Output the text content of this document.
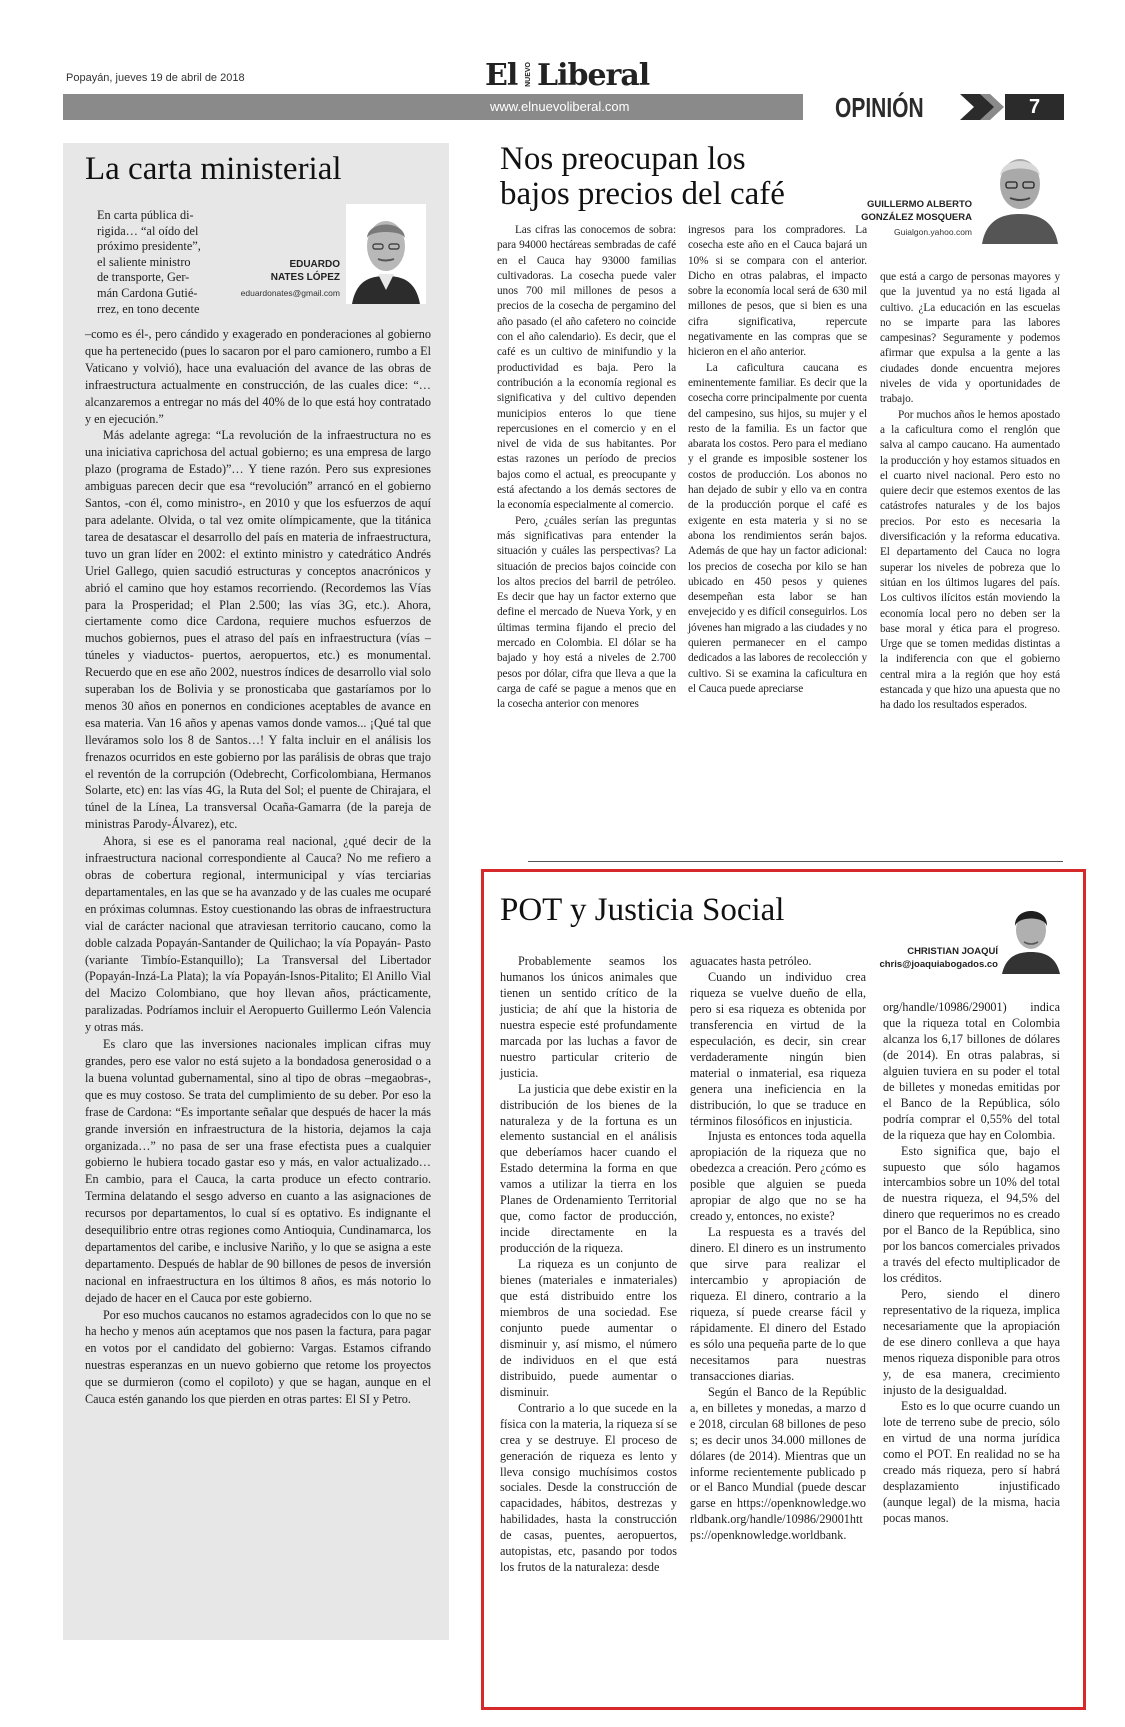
Popayán, jueves 19 de abril de 2018	El NUEVO Liberal
www.elnuevoliberal.com	OPINIÓN	7
La carta ministerial
En carta pública di-
rigida… “al oído del
próximo presidente”,
el saliente ministro
de transporte, Ger-
mán Cardona Gutié-
rrez, en tono decente
EDUARDO
NATES LÓPEZ
eduardonates@gmail.com

–como es él-, pero cándido y exagerado en ponderaciones al gobierno que ha pertenecido (pues lo sacaron por el paro camionero, rumbo a El Vaticano y volvió), hace una evaluación del avance de las obras de infraestructura actualmente en construcción, de las cuales dice: “… alcanzaremos a entregar no más del 40% de lo que está hoy contratado y en ejecución.”

Más adelante agrega: “La revolución de la infraestructura no es una iniciativa caprichosa del actual gobierno; es una empresa de largo plazo (programa de Estado)”… Y tiene razón. Pero sus expresiones ambiguas parecen decir que esa “revolución” arrancó en el gobierno Santos, -con él, como ministro-, en 2010 y que los esfuerzos de aquí para adelante. Olvida, o tal vez omite olímpicamente, que la titánica tarea de desatascar el desarrollo del país en materia de infraestructura, tuvo un gran líder en 2002: el extinto ministro y catedrático Andrés Uriel Gallego, quien sacudió estructuras y conceptos anacrónicos y abrió el camino que hoy estamos recorriendo. (Recordemos las Vías para la Prosperidad; el Plan 2.500; las vías 3G, etc.). Ahora, ciertamente como dice Cardona, requiere muchos esfuerzos de muchos gobiernos, pues el atraso del país en infraestructura (vías –túneles y viaductos- puertos, aeropuertos, etc.) es monumental. Recuerdo que en ese año 2002, nuestros índices de desarrollo vial solo superaban los de Bolivia y se pronosticaba que gastaríamos por lo menos 30 años en ponernos en condiciones aceptables de avance en esa materia. Van 16 años y apenas vamos donde vamos... ¡Qué tal que lleváramos solo los 8 de Santos…! Y falta incluir en el análisis los frenazos ocurridos en este gobierno por las parálisis de obras que trajo el reventón de la corrupción (Odebrecht, Corficolombiana, Hermanos Solarte, etc) en: las vías 4G, la Ruta del Sol; el puente de Chirajara, el túnel de la Línea, La transversal Ocaña-Gamarra (de la pareja de ministras Parody-Álvarez), etc.

Ahora, si ese es el panorama real nacional, ¿qué decir de la infraestructura nacional correspondiente al Cauca? No me refiero a obras de cobertura regional, intermunicipal y vías terciarias departamentales, en las que se ha avanzado y de las cuales me ocuparé en próximas columnas. Estoy cuestionando las obras de infraestructura vial de carácter nacional que atraviesan territorio caucano, como la doble calzada Popayán-Santander de Quilichao; la vía Popayán- Pasto (variante Timbío-Estanquillo); La Transversal del Libertador (Popayán-Inzá-La Plata); la vía Popayán-Isnos-Pitalito; El Anillo Vial del Macizo Colombiano, que hoy llevan años, prácticamente, paralizadas. Podríamos incluir el Aeropuerto Guillermo León Valencia y otras más.

Es claro que las inversiones nacionales implican cifras muy grandes, pero ese valor no está sujeto a la bondadosa generosidad o a la buena voluntad gubernamental, sino al tipo de obras –megaobras-, que es muy costoso. Se trata del cumplimiento de su deber. Por eso la frase de Cardona: “Es importante señalar que después de hacer la más grande inversión en infraestructura de la historia, dejamos la caja organizada…” no pasa de ser una frase efectista pues a cualquier gobierno le hubiera tocado gastar eso y más, en valor actualizado… En cambio, para el Cauca, la carta produce un efecto contrario. Termina delatando el sesgo adverso en cuanto a las asignaciones de recursos por departamentos, lo cual sí es optativo. Es indignante el desequilibrio entre otras regiones como Antioquia, Cundinamarca, los departamentos del caribe, e inclusive Nariño, y lo que se asigna a este departamento. Después de hablar de 90 billones de pesos de inversión nacional en infraestructura en los últimos 8 años, es más notorio lo dejado de hacer en el Cauca por este gobierno.

Por eso muchos caucanos no estamos agradecidos con lo que no se ha hecho y menos aún aceptamos que nos pasen la factura, para pagar en votos por el candidato del gobierno: Vargas. Estamos cifrando nuestras esperanzas en un nuevo gobierno que retome los proyectos que se durmieron (como el copiloto) y que se hagan, aunque en el Cauca estén ganando los que pierden en otras partes: El SI y Petro.

Nos preocupan los
bajos precios del café	GUILLERMO ALBERTO
GONZÁLEZ MOSQUERA
Guialgon.yahoo.com

Las cifras las conocemos de sobra: para 94000 hectáreas sembradas de café en el Cauca hay 93000 familias cultivadoras. La cosecha puede valer unos 700 mil millones de pesos a precios de la cosecha de pergamino del año pasado (el año cafetero no coincide con el año calendario). Es decir, que el café es un cultivo de minifundio y la productividad es baja. Pero la contribución a la economía regional es significativa y del cultivo dependen municipios enteros lo que tiene repercusiones en el comercio y en el nivel de vida de sus habitantes. Por estas razones un período de precios bajos como el actual, es preocupante y está afectando a los demás sectores de la economía especialmente al comercio.

Pero, ¿cuáles serían las preguntas más significativas para entender la situación y cuáles las perspectivas? La situación de precios bajos coincide con los altos precios del barril de petróleo. Es decir que hay un factor externo que define el mercado de Nueva York, y en últimas termina fijando el precio del mercado en Colombia. El dólar se ha bajado y hoy está a niveles de 2.700 pesos por dólar, cifra que lleva a que la carga de café se pague a menos que en la cosecha anterior con menores

ingresos para los compradores. La cosecha este año en el Cauca bajará un 10% si se compara con el anterior. Dicho en otras palabras, el impacto sobre la economía local será de 630 mil millones de pesos, que si bien es una cifra significativa, repercute negativamente en las compras que se hicieron en el año anterior.

La caficultura caucana es eminentemente familiar. Es decir que la cosecha corre principalmente por cuenta del campesino, sus hijos, su mujer y el resto de la familia. Es un factor que abarata los costos. Pero para el mediano y el grande es imposible sostener los costos de producción. Los abonos no han dejado de subir y ello va en contra de la producción porque el café es exigente en esta materia y si no se abona los rendimientos serán bajos. Además de que hay un factor adicional: los precios de cosecha por kilo se han ubicado en 450 pesos y quienes desempeñan esta labor se han envejecido y es difícil conseguirlos. Los jóvenes han migrado a las ciudades y no quieren permanecer en el campo dedicados a las labores de recolección y cultivo. Si se examina la caficultura en el Cauca puede apreciarse

que está a cargo de personas mayores y que la juventud ya no está ligada al cultivo. ¿La educación en las escuelas no se imparte para las labores campesinas? Seguramente y podemos afirmar que expulsa a la gente a las ciudades donde encuentra mejores niveles de vida y oportunidades de trabajo.

Por muchos años le hemos apostado a la caficultura como el renglón que salva al campo caucano. Ha aumentado la producción y hoy estamos situados en el cuarto nivel nacional. Pero esto no quiere decir que estemos exentos de las catástrofes naturales y de los bajos precios. Por esto es necesaria la diversificación y la reforma educativa. El departamento del Cauca no logra superar los niveles de pobreza que lo sitúan en los últimos lugares del país. Los cultivos ilícitos están moviendo la economía local pero no deben ser la base moral y ética para el progreso. Urge que se tomen medidas distintas a la indiferencia con que el gobierno central mira a la región que hoy está estancada y que hizo una apuesta que no ha dado los resultados esperados.

POT y Justicia Social
CHRISTIAN JOAQUÍ
chris@joaquiabogados.co

Probablemente seamos los humanos los únicos animales que tienen un sentido crítico de la justicia; de ahí que la historia de nuestra especie esté profundamente marcada por las luchas a favor de nuestro particular criterio de justicia.

La justicia que debe existir en la distribución de los bienes de la naturaleza y de la fortuna es un elemento sustancial en el análisis que deberíamos hacer cuando el Estado determina la forma en que vamos a utilizar la tierra en los Planes de Ordenamiento Territorial que, como factor de producción, incide directamente en la producción de la riqueza.

La riqueza es un conjunto de bienes (materiales e inmateriales) que está distribuido entre los miembros de una sociedad. Ese conjunto puede aumentar o disminuir y, así mismo, el número de individuos en el que está distribuido, puede aumentar o disminuir.

Contrario a lo que sucede en la física con la materia, la riqueza sí se crea y se destruye. El proceso de generación de riqueza es lento y lleva consigo muchísimos costos sociales. Desde la construcción de capacidades, hábitos, destrezas y habilidades, hasta la construcción de casas, puentes, aeropuertos, autopistas, etc, pasando por todos los frutos de la naturaleza: desde

aguacates hasta petróleo.

Cuando un individuo crea riqueza se vuelve dueño de ella, pero si esa riqueza es obtenida por transferencia en virtud de la especulación, es decir, sin crear verdaderamente ningún bien material o inmaterial, esa riqueza genera una ineficiencia en la distribución, lo que se traduce en términos filosóficos en injusticia.

Injusta es entonces toda aquella apropiación de la riqueza que no obedezca a creación. Pero ¿cómo es posible que alguien se pueda apropiar de algo que no se ha creado y, entonces, no existe?

La respuesta es a través del dinero. El dinero es un instrumento que sirve para realizar el intercambio y apropiación de riqueza. El dinero, contrario a la riqueza, sí puede crearse fácil y rápidamente. El dinero del Estado es sólo una pequeña parte de lo que necesitamos para nuestras transacciones diarias.

Según el Banco de la República, en billetes y monedas, a marzo de 2018, circulan 68 billones de pesos; es decir unos 34.000 millones de dólares (de 2014). Mientras que un informe recientemente publicado por el Banco Mundial (puede descargarse en https://openknowledge.worldbank.org/handle/10986/29001https://openknowledge.worldbank.

org/handle/10986/29001) indica que la riqueza total en Colombia alcanza los 6,17 billones de dólares (de 2014). En otras palabras, si alguien tuviera en su poder el total de billetes y monedas emitidas por el Banco de la República, sólo podría comprar el 0,55% del total de la riqueza que hay en Colombia.

Esto significa que, bajo el supuesto que sólo hagamos intercambios sobre un 10% del total de nuestra riqueza, el 94,5% del dinero que requerimos no es creado por el Banco de la República, sino por los bancos comerciales privados a través del efecto multiplicador de los créditos.

Pero, siendo el dinero representativo de la riqueza, implica necesariamente que la apropiación de ese dinero conlleva a que haya menos riqueza disponible para otros y, de esa manera, crecimiento injusto de la desigualdad.

Esto es lo que ocurre cuando un lote de terreno sube de precio, sólo en virtud de una norma jurídica como el POT. En realidad no se ha creado más riqueza, pero sí habrá desplazamiento injustificado (aunque legal) de la misma, hacia pocas manos.
